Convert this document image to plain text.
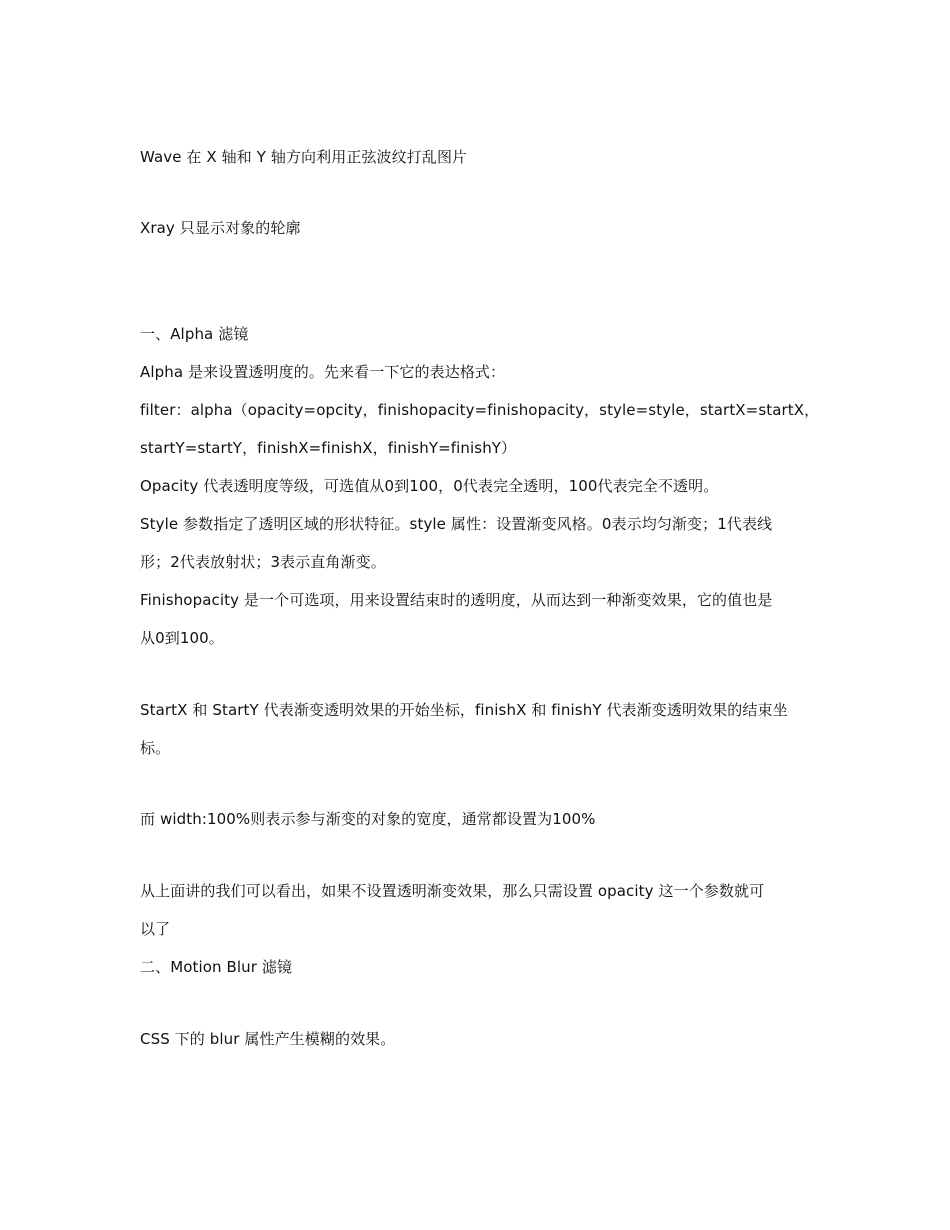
Wave 在 X 轴和 Y 轴方向利用正弦波纹打乱图片
Xray 只显示对象的轮廓
一、Alpha 滤镜
Alpha 是来设置透明度的。先来看一下它的表达格式：
filter：alpha（opacity=opcity，finishopacity=finishopacity，style=style，startX=startX，
startY=startY，finishX=finishX，finishY=finishY）
Opacity 代表透明度等级，可选值从0到100，0代表完全透明，100代表完全不透明。
Style 参数指定了透明区域的形状特征。style 属性：设置渐变风格。0表示均匀渐变；1代表线
形；2代表放射状；3表示直角渐变。
Finishopacity 是一个可选项，用来设置结束时的透明度，从而达到一种渐变效果，它的值也是
从0到100。
StartX 和 StartY 代表渐变透明效果的开始坐标，finishX 和 finishY 代表渐变透明效果的结束坐
标。
而 width:100%则表示参与渐变的对象的宽度，通常都设置为100%
从上面讲的我们可以看出，如果不设置透明渐变效果，那么只需设置 opacity 这一个参数就可
以了
二、Motion Blur 滤镜
CSS 下的 blur 属性产生模糊的效果。
